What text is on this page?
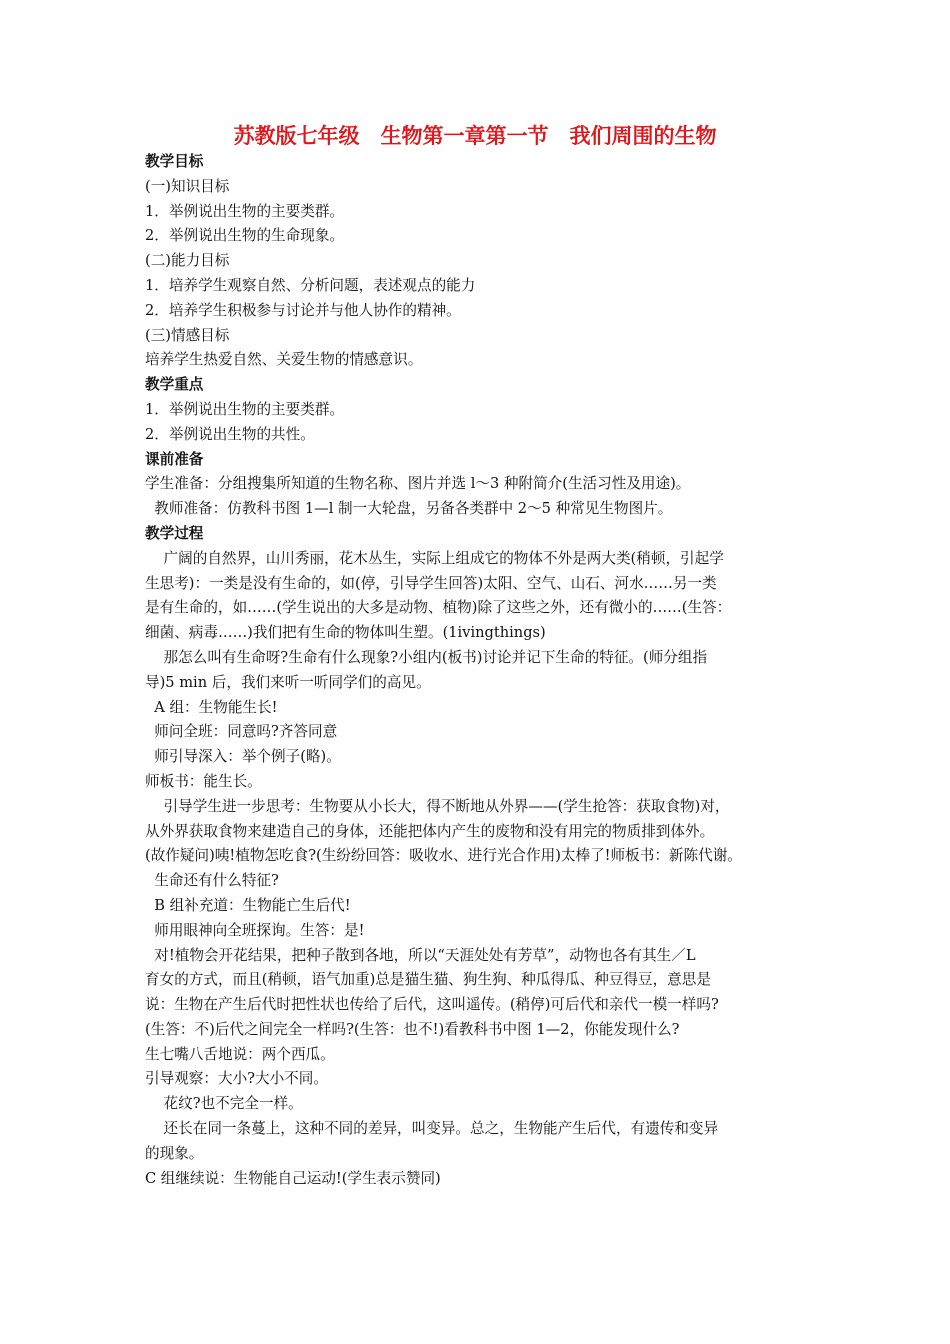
苏教版七年级　生物第一章第一节　我们周围的生物
教学目标
(一)知识目标
1．举例说出生物的主要类群。
2．举例说出生物的生命现象。
(二)能力目标
1．培养学生观察自然、分析问题，表述观点的能力
2．培养学生积极参与讨论并与他人协作的精神。
(三)情感目标
培养学生热爱自然、关爱生物的情感意识。
教学重点
1．举例说出生物的主要类群。
2．举例说出生物的共性。
课前准备
学生准备：分组搜集所知道的生物名称、图片并选 l～3 种附简介(生活习性及用途)。
教师准备：仿教科书图 1—l 制一大轮盘，另备各类群中 2～5 种常见生物图片。
教学过程
广阔的自然界，山川秀丽，花木丛生，实际上组成它的物体不外是两大类(稍顿，引起学
生思考)：一类是没有生命的，如(停，引导学生回答)太阳、空气、山石、河水……另一类
是有生命的，如……(学生说出的大多是动物、植物)除了这些之外，还有微小的……(生答：
细菌、病毒……)我们把有生命的物体叫生塑。(1ivingthings)
那怎么叫有生命呀?生命有什么现象?小组内(板书)讨论并记下生命的特征。(师分组指
导)5 min 后，我们来听一听同学们的高见。
A 组：生物能生长!
师问全班：同意吗?齐答同意
师引导深入：举个例子(略)。
师板书：能生长。
引导学生进一步思考：生物要从小长大，得不断地从外界——(学生抢答：获取食物)对，
从外界获取食物来建造自己的身体，还能把体内产生的废物和没有用完的物质排到体外。
(故作疑问)咦!植物怎吃食?(生纷纷回答：吸收水、进行光合作用)太棒了!师板书：新陈代谢。
生命还有什么特征?
B 组补充道：生物能亡生后代!
师用眼神向全班探询。生答：是!
对!植物会开花结果，把种子散到各地，所以“天涯处处有芳草”，动物也各有其生／L
育女的方式，而且(稍顿，语气加重)总是猫生猫、狗生狗、种瓜得瓜、种豆得豆，意思是
说：生物在产生后代时把性状也传给了后代，这叫遥传。(稍停)可后代和亲代一模一样吗?
(生答：不)后代之间完全一样吗?(生答：也不!)看教科书中图 1—2，你能发现什么?
生七嘴八舌地说：两个西瓜。
引导观察：大小?大小不同。
花纹?也不完全一样。
还长在同一条蔓上，这种不同的差异，叫变异。总之，生物能产生后代，有遗传和变异
的现象。
C 组继续说：生物能自己运动!(学生表示赞同)
